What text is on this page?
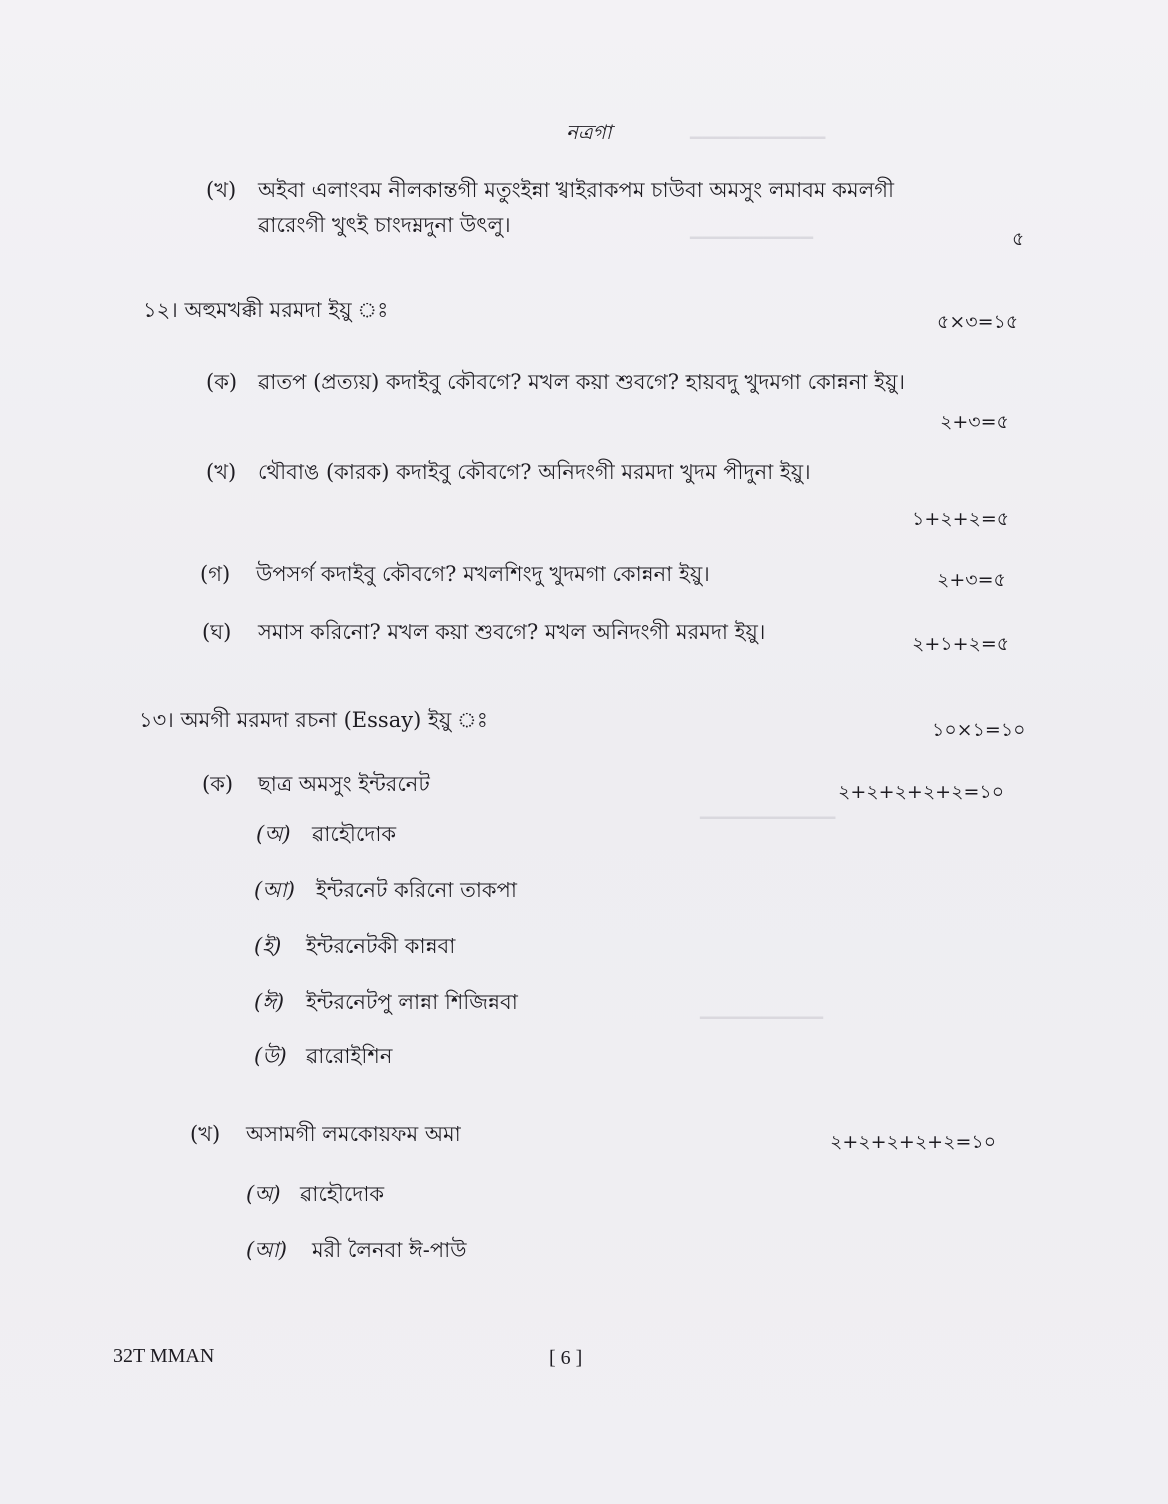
▁▁▁▁▁▁▁▁▁▁▁
▁▁▁▁▁▁▁▁▁▁
▁▁▁▁▁▁▁▁▁▁▁
▁▁▁▁▁▁▁▁▁▁
নত্রগা
(খ) অইবা এলাংবম নীলকান্তগী মতুংইন্না খ্বাইরাকপম চাউবা অমসুং লমাবম কমলগী
ৱারেংগী খুৎই চাংদম্নদুনা উৎলু।
৫
১২। অহুমখক্কী মরমদা ইয়ু ঃ	৫×৩=১৫
(ক) ৱাতপ (প্রত্যয়) কদাইবু কৌবগে? মখল কয়া শুবগে? হায়বদু খুদমগা কোন্ননা ইয়ু।
২+৩=৫
(খ) থৌবাঙ (কারক) কদাইবু কৌবগে? অনিদংগী মরমদা খুদম পীদুনা ইয়ু।
১+২+২=৫
(গ) উপসর্গ কদাইবু কৌবগে? মখলশিংদু খুদমগা কোন্ননা ইয়ু।	২+৩=৫
(ঘ) সমাস করিনো? মখল কয়া শুবগে? মখল অনিদংগী মরমদা ইয়ু।	২+১+২=৫
১৩। অমগী মরমদা রচনা (Essay) ইয়ু ঃ	১০×১=১০
(ক) ছাত্র অমসুং ইন্টরনেট	২+২+২+২+২=১০
(অ) ৱাহৌদোক
(আ) ইন্টরনেট করিনো তাকপা
(ই) ইন্টরনেটকী কান্নবা
(ঈ) ইন্টরনেটপু লান্না শিজিন্নবা
(উ) ৱারোইশিন
(খ) অসামগী লমকোয়ফম অমা	২+২+২+২+২=১০
(অ) ৱাহৌদোক
(আ) মরী লৈনবা ঈ-পাউ
32T MMAN	[ 6 ]
